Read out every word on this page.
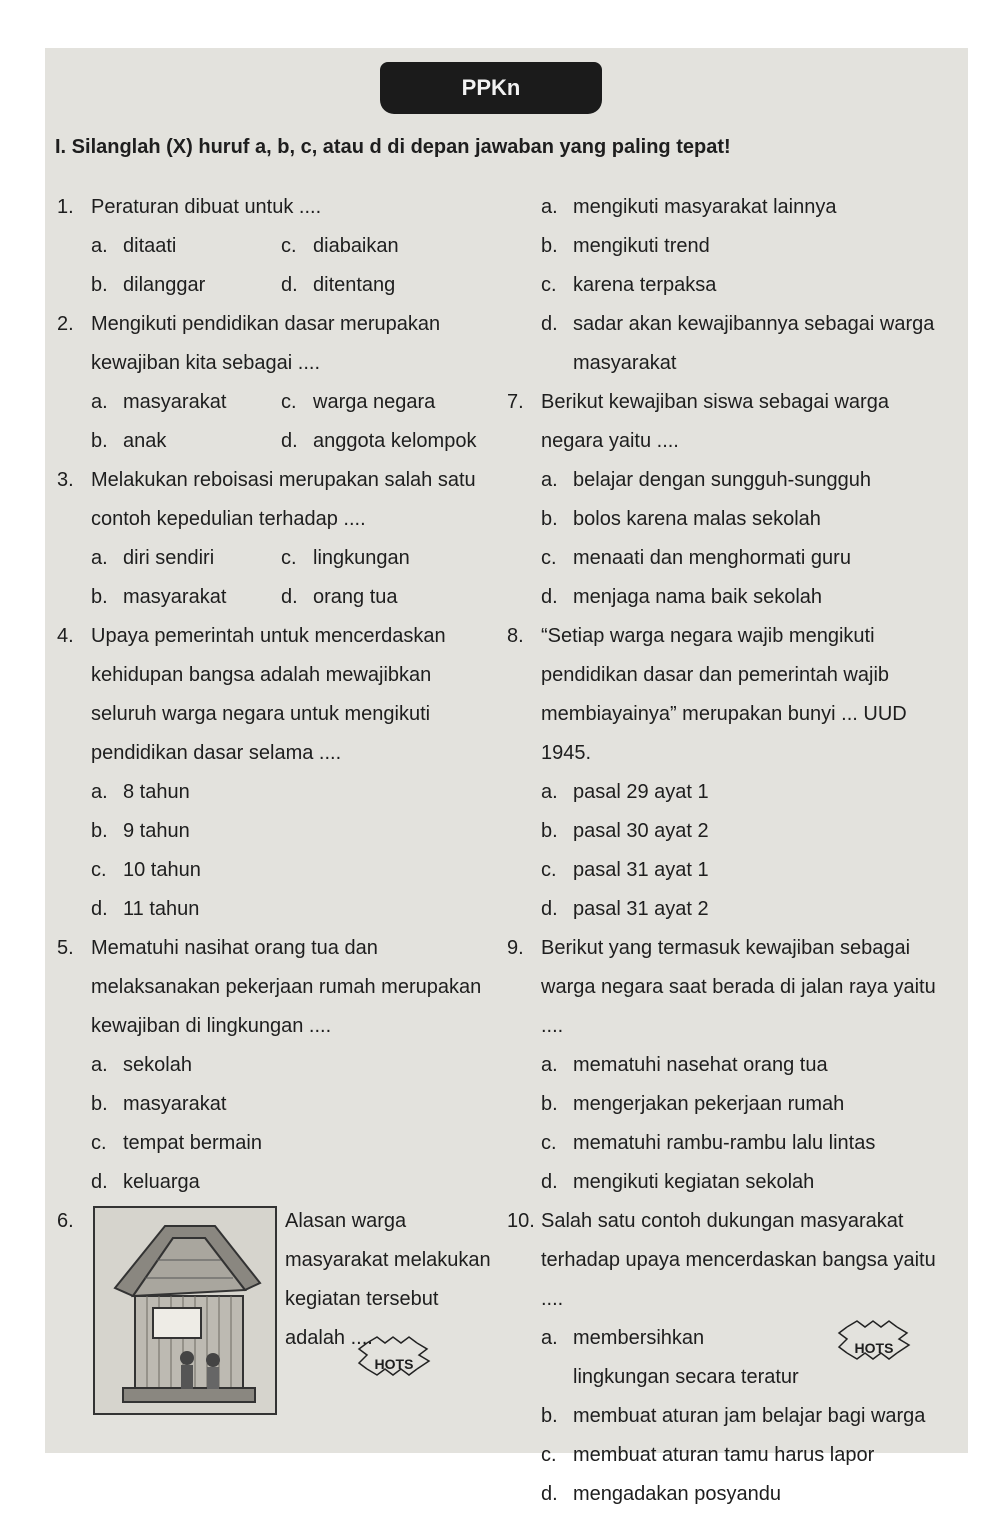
PPKn
I. Silanglah (X) huruf a, b, c, atau d di depan jawaban yang paling tepat!
1. Peraturan dibuat untuk ....
a. ditaati	c. diabaikan
b. dilanggar	d. ditentang
2. Mengikuti pendidikan dasar merupakan kewajiban kita sebagai ....
a. masyarakat	c. warga negara
b. anak	d. anggota kelompok
3. Melakukan reboisasi merupakan salah satu contoh kepedulian terhadap ....
a. diri sendiri	c. lingkungan
b. masyarakat	d. orang tua
4. Upaya pemerintah untuk mencerdaskan kehidupan bangsa adalah mewajibkan seluruh warga negara untuk mengikuti pendidikan dasar selama ....
a. 8 tahun
b. 9 tahun
c. 10 tahun
d. 11 tahun
5. Mematuhi nasihat orang tua dan melaksanakan pekerjaan rumah merupakan kewajiban di lingkungan ....
a. sekolah
b. masyarakat
c. tempat bermain
d. keluarga
6.	Alasan warga masyarakat melakukan kegiatan tersebut adalah ....
HOTS
a. mengikuti masyarakat lainnya
b. mengikuti trend
c. karena terpaksa
d. sadar akan kewajibannya sebagai warga masyarakat
7. Berikut kewajiban siswa sebagai warga negara yaitu ....
a. belajar dengan sungguh-sungguh
b. bolos karena malas sekolah
c. menaati dan menghormati guru
d. menjaga nama baik sekolah
8. “Setiap warga negara wajib mengikuti pendidikan dasar dan pemerintah wajib membiayainya” merupakan bunyi ... UUD 1945.
a. pasal 29 ayat 1
b. pasal 30 ayat 2
c. pasal 31 ayat 1
d. pasal 31 ayat 2
9. Berikut yang termasuk kewajiban sebagai warga negara saat berada di jalan raya yaitu ....
a. mematuhi nasehat orang tua
b. mengerjakan pekerjaan rumah
c. mematuhi rambu-rambu lalu lintas
d. mengikuti kegiatan sekolah
10. Salah satu contoh dukungan masyarakat terhadap upaya mencerdaskan bangsa yaitu ....
a. membersihkan lingkungan secara teratur
b. membuat aturan jam belajar bagi warga
c. membuat aturan tamu harus lapor
d. mengadakan posyandu
HOTS
